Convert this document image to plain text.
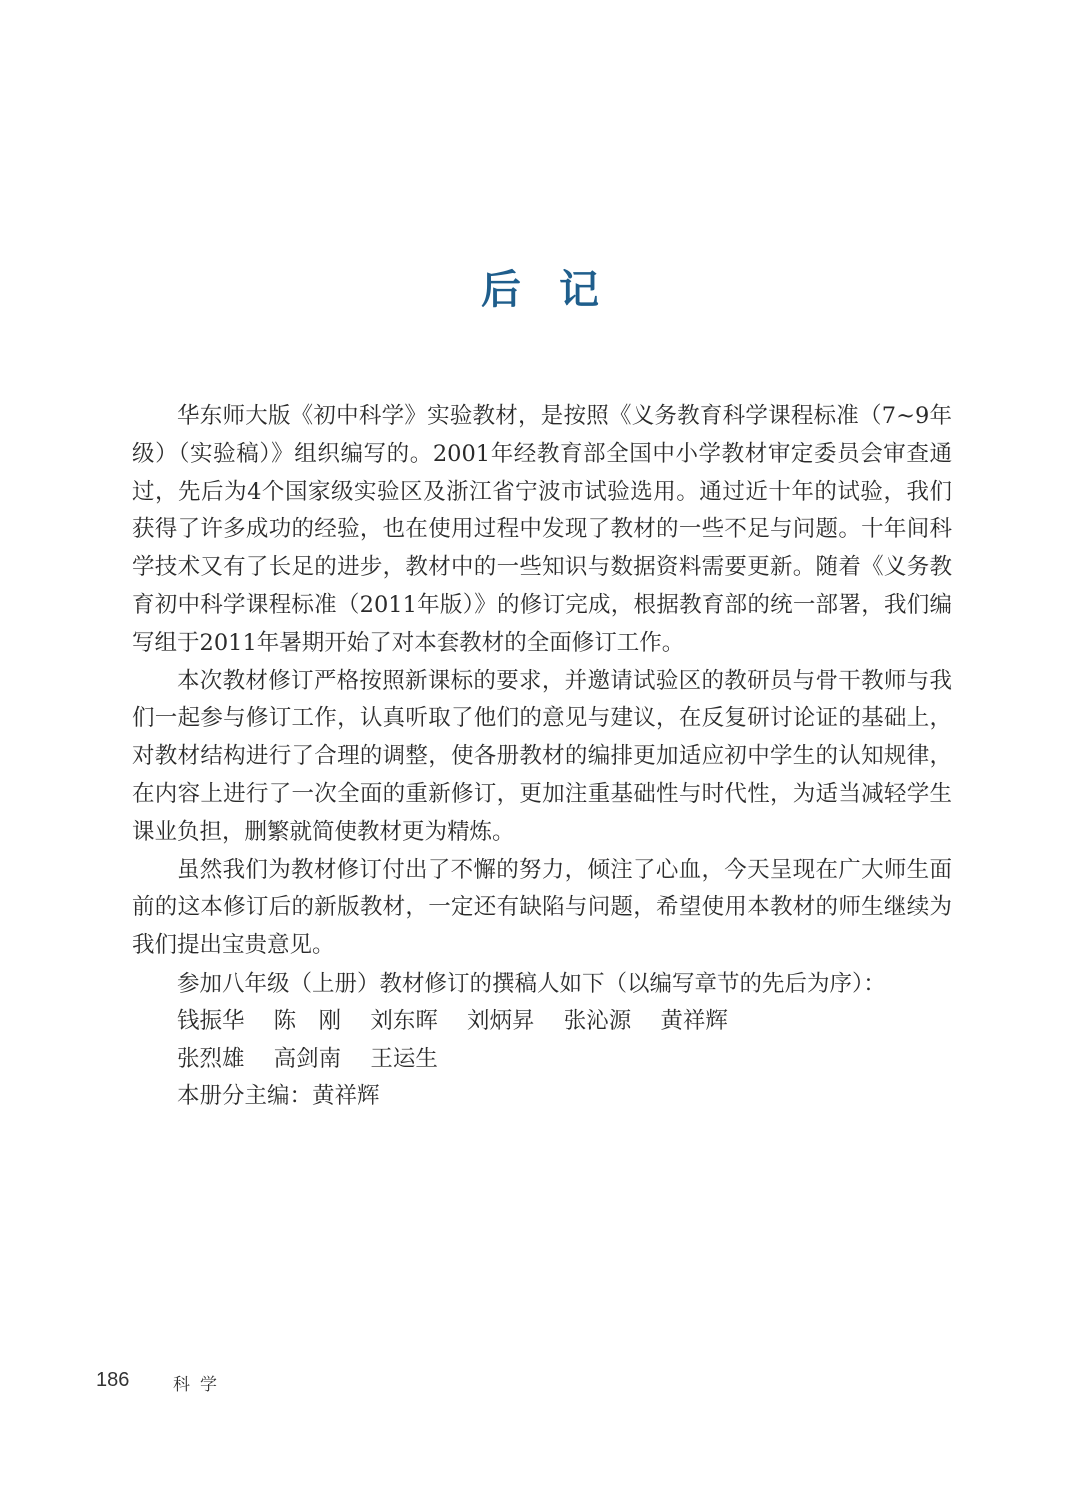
后记

华东师大版《初中科学》实验教材，是按照《义务教育科学课程标准（7~9年级）（实验稿）》组织编写的。2001年经教育部全国中小学教材审定委员会审查通过，先后为4个国家级实验区及浙江省宁波市试验选用。通过近十年的试验，我们获得了许多成功的经验，也在使用过程中发现了教材的一些不足与问题。十年间科学技术又有了长足的进步，教材中的一些知识与数据资料需要更新。随着《义务教育初中科学课程标准（2011年版）》的修订完成，根据教育部的统一部署，我们编写组于2011年暑期开始了对本套教材的全面修订工作。

本次教材修订严格按照新课标的要求，并邀请试验区的教研员与骨干教师与我们一起参与修订工作，认真听取了他们的意见与建议，在反复研讨论证的基础上，对教材结构进行了合理的调整，使各册教材的编排更加适应初中学生的认知规律，在内容上进行了一次全面的重新修订，更加注重基础性与时代性，为适当减轻学生课业负担，删繁就简使教材更为精炼。

虽然我们为教材修订付出了不懈的努力，倾注了心血，今天呈现在广大师生面前的这本修订后的新版教材，一定还有缺陷与问题，希望使用本教材的师生继续为我们提出宝贵意见。

参加八年级（上册）教材修订的撰稿人如下（以编写章节的先后为序）：
钱振华 陈　刚 刘东晖 刘炳昇 张沁源 黄祥辉
张烈雄 高剑南 王运生
本册分主编：黄祥辉
186	科学
